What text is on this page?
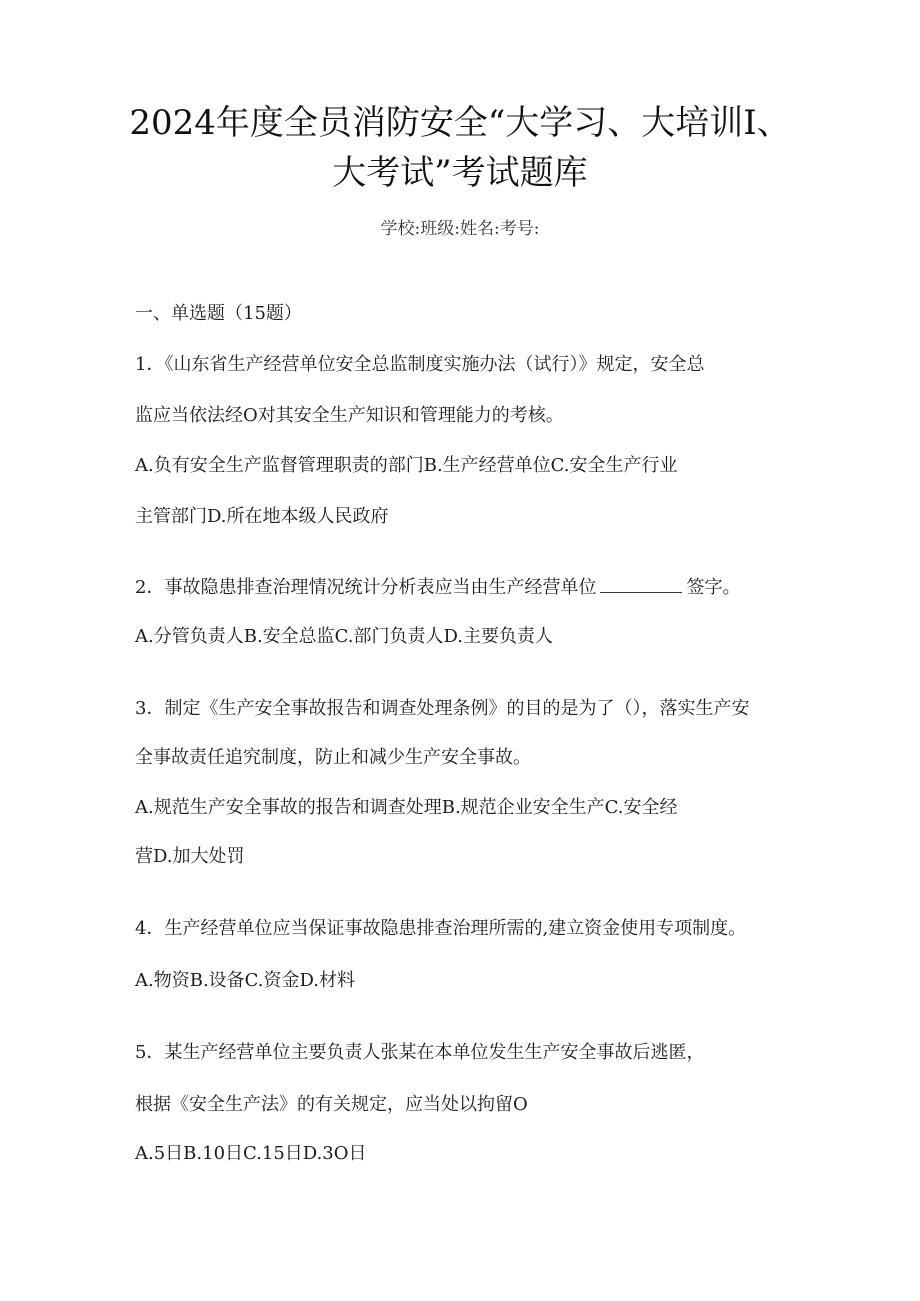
2024年度全员消防安全“大学习、大培训I、
大考试”考试题库
学校:班级:姓名:考号:
一、单选题（15题）
1．《山东省生产经营单位安全总监制度实施办法（试行）》规定，安全总
监应当依法经O对其安全生产知识和管理能力的考核。
A.负有安全生产监督管理职责的部门B.生产经营单位C.安全生产行业
主管部门D.所在地本级人民政府
2．事故隐患排查治理情况统计分析表应当由生产经营单位	签字。
A.分管负责人B.安全总监C.部门负责人D.主要负责人
3．制定《生产安全事故报告和调查处理条例》的目的是为了（），落实生产安
全事故责任追究制度，防止和减少生产安全事故。
A.规范生产安全事故的报告和调查处理B.规范企业安全生产C.安全经
营D.加大处罚
4．生产经营单位应当保证事故隐患排查治理所需的,建立资金使用专项制度。
A.物资B.设备C.资金D.材料
5．某生产经营单位主要负责人张某在本单位发生生产安全事故后逃匿，
根据《安全生产法》的有关规定，应当处以拘留O
A.5日B.10日C.15日D.3O日
